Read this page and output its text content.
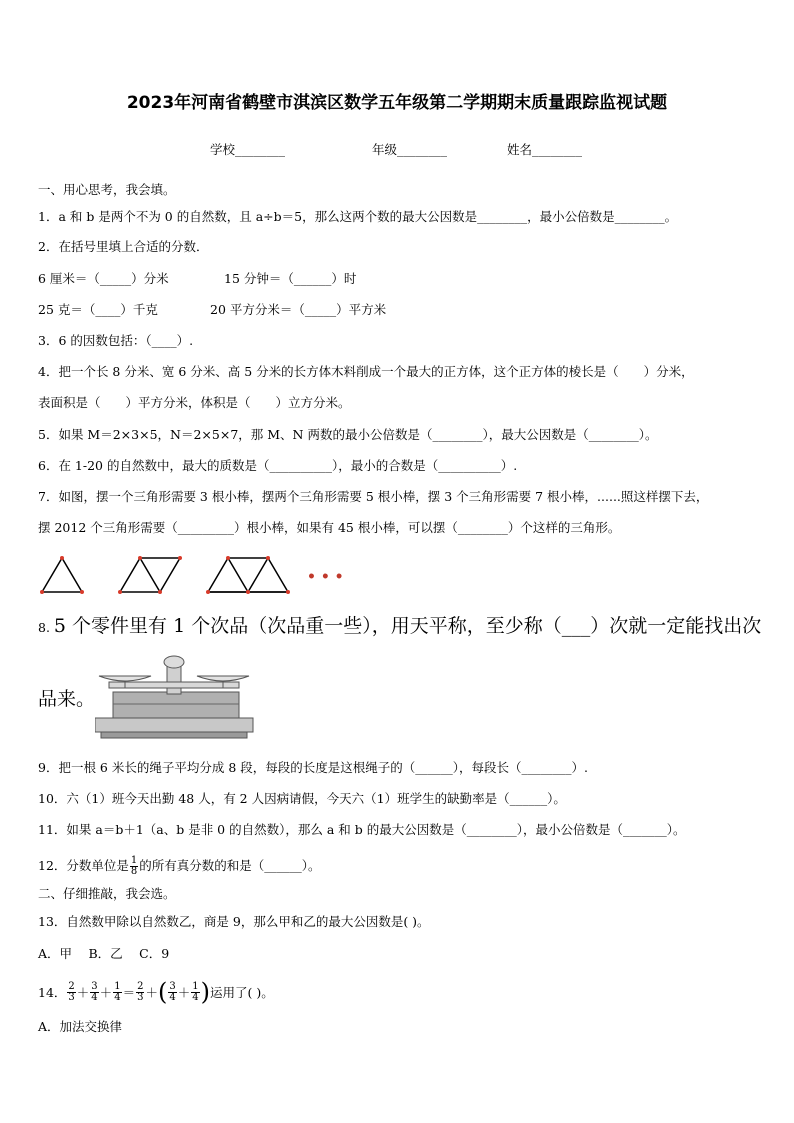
2023年河南省鹤壁市淇滨区数学五年级第二学期期末质量跟踪监视试题
学校________	年级________	姓名________
一、用心思考，我会填。
1．a 和 b 是两个不为 0 的自然数，且 a÷b＝5，那么这两个数的最大公因数是________，最小公倍数是________。
2．在括号里填上合适的分数．
6 厘米＝（_____）分米	15 分钟＝（______）时
25 克＝（____）千克	20 平方分米＝（_____）平方米
3．6 的因数包括：（____）.
4．把一个长 8 分米、宽 6 分米、高 5 分米的长方体木料削成一个最大的正方体，这个正方体的棱长是（　　）分米，
表面积是（　　）平方分米，体积是（　　）立方分米。
5．如果 M＝2×3×5，N＝2×5×7，那 M、N 两数的最小公倍数是（________），最大公因数是（________）。
6．在 1-20 的自然数中，最大的质数是（__________），最小的合数是（__________）.
7．如图，摆一个三角形需要 3 根小棒，摆两个三角形需要 5 根小棒，摆 3 个三角形需要 7 根小棒，......照这样摆下去，
摆 2012 个三角形需要（_________）根小棒，如果有 45 根小棒，可以摆（________）个这样的三角形。
• • •
8. 5 个零件里有 1 个次品（次品重一些），用天平称，至少称（___）次就一定能找出次
品来。
9．把一根 6 米长的绳子平均分成 8 段，每段的长度是这根绳子的（______），每段长（________）.
10．六（1）班今天出勤 48 人，有 2 人因病请假，今天六（1）班学生的缺勤率是（______）。
11．如果 a＝b＋1（a、b 是非 0 的自然数），那么 a 和 b 的最大公因数是（________），最小公倍数是（_______）。
12．分数单位是 $\frac{1}{8}$ 的所有真分数的和是（______）。
二、仔细推敲，我会选。
13．自然数甲除以自然数乙，商是 9，那么甲和乙的最大公因数是( )。
A．甲　 B．乙　 C．9
14． $\frac{2}{3} + \frac{3}{4} + \frac{1}{4} = \frac{2}{3}$ ＋ ( $\frac{3}{4} + \frac{1}{4}$ ) 运用了( )。
A．加法交换律
